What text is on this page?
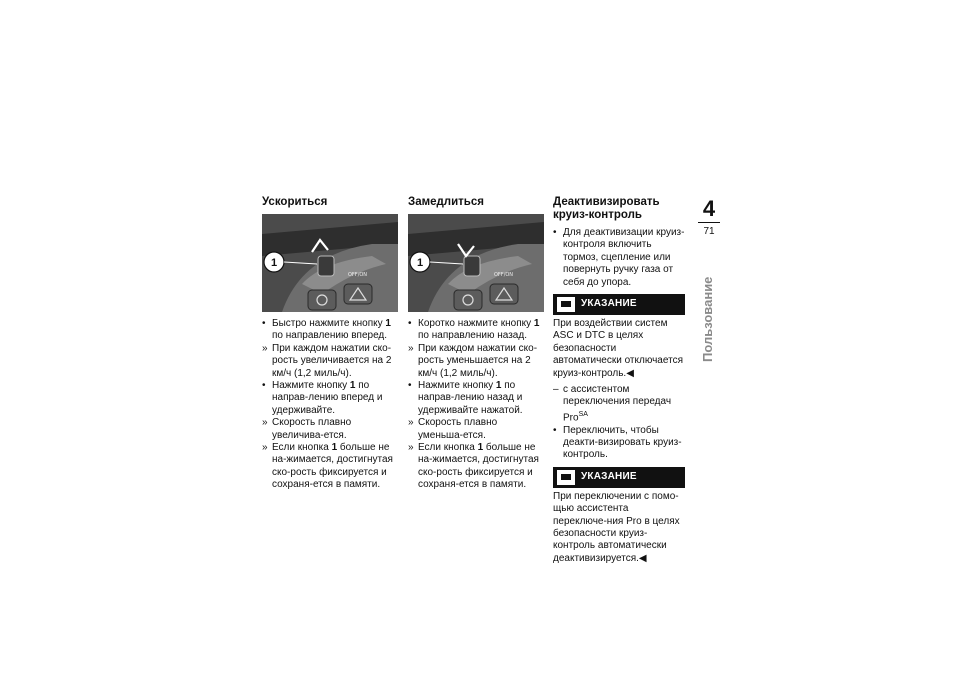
Ускориться
OFF/ON
1
• Быстро нажмите кнопку 1 по направлению вперед.
» При каждом нажатии ско-рость увеличивается на 2 км/ч (1,2 миль/ч).
• Нажмите кнопку 1 по направ-лению вперед и удерживайте.
» Скорость плавно увеличива-ется.
» Если кнопка 1 больше не на-жимается, достигнутая ско-рость фиксируется и сохраня-ется в памяти.
Замедлиться
OFF/ON
1
• Коротко нажмите кнопку 1 по направлению назад.
» При каждом нажатии ско-рость уменьшается на 2 км/ч (1,2 миль/ч).
• Нажмите кнопку 1 по направ-лению назад и удерживайте нажатой.
» Скорость плавно уменьша-ется.
» Если кнопка 1 больше не на-жимается, достигнутая ско-рость фиксируется и сохраня-ется в памяти.
Деактивизировать круиз-контроль
• Для деактивизации круиз-контроля включить тормоз, сцепление или повернуть ручку газа от себя до упора.
УКАЗАНИЕ

При воздействии систем ASC и DTC в целях безопасности автоматически отключается круиз-контроль.◀

– с ассистентом переключения передач Pro$^{SA}$
• Переключить, чтобы деакти-визировать круиз-контроль.
УКАЗАНИЕ

При переключении с помо-щью ассистента переключе-ния Pro в целях безопасности круиз-контроль автоматически деактивизируется.◀

4
71
Пользование
